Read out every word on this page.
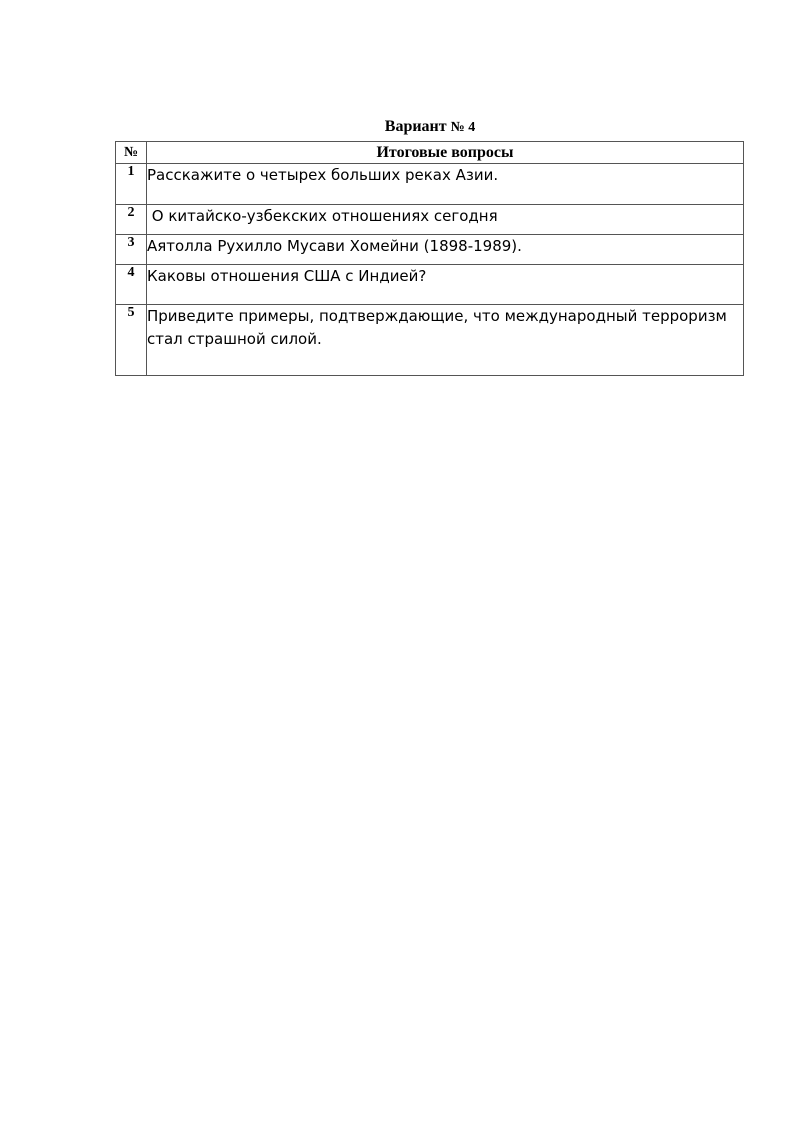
Вариант № 4
№	Итоговые вопросы
1	Расскажите о четырех больших реках Азии.
2	О китайско-узбекских отношениях сегодня
3	Аятолла Рухилло Мусави Хомейни (1898-1989).
4	Каковы отношения США с Индией?
5	Приведите примеры, подтверждающие, что международный терроризм стал страшной силой.
